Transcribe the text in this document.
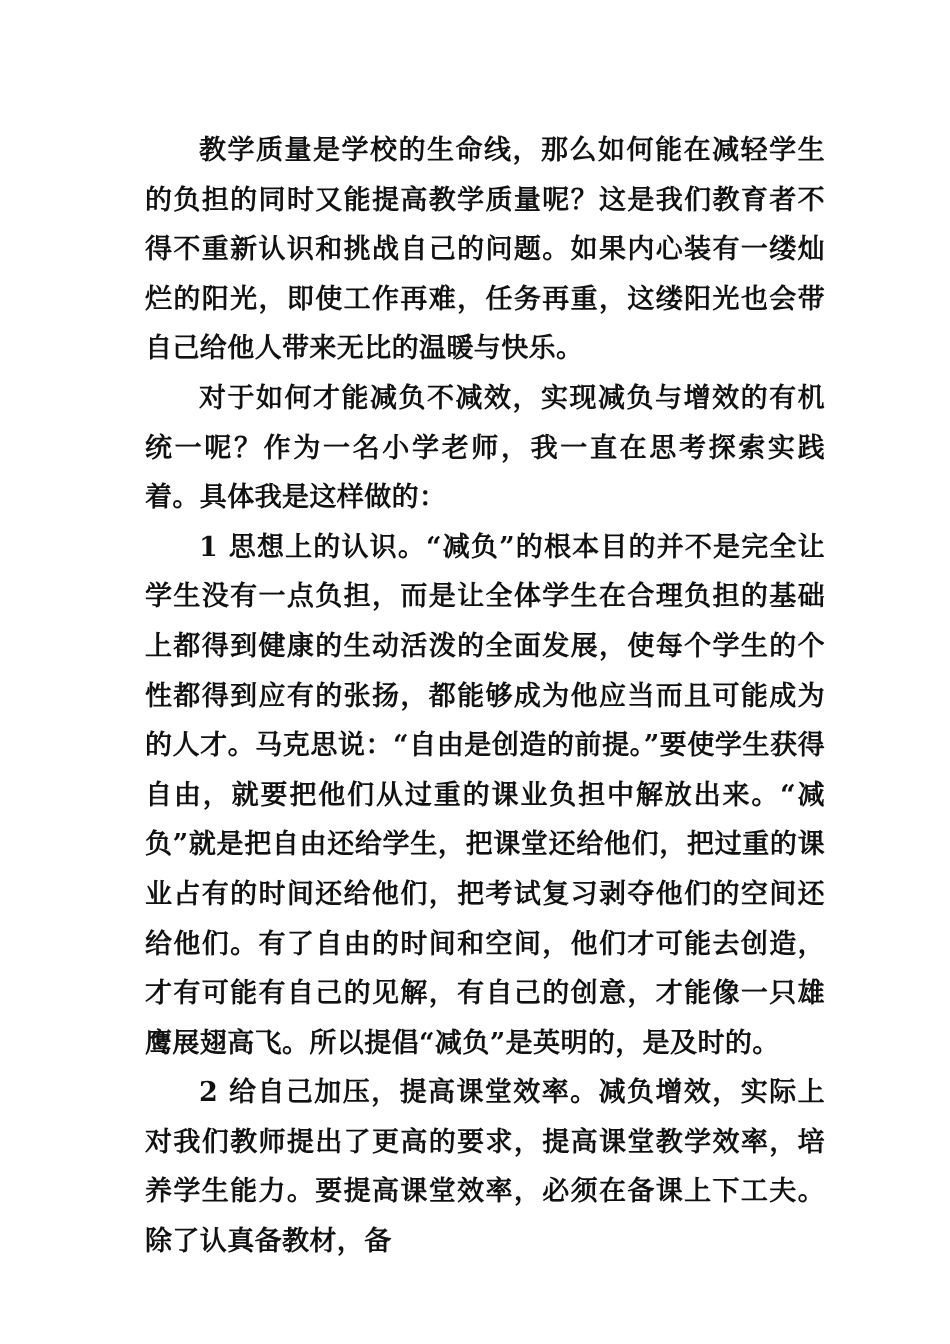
教学质量是学校的生命线，那么如何能在减轻学生的负担的同时又能提高教学质量呢？这是我们教育者不得不重新认识和挑战自己的问题。如果内心装有一缕灿烂的阳光，即使工作再难，任务再重，这缕阳光也会带自己给他人带来无比的温暖与快乐。

对于如何才能减负不减效，实现减负与增效的有机统一呢？作为一名小学老师，我一直在思考探索实践着。具体我是这样做的：

1 思想上的认识。“减负”的根本目的并不是完全让学生没有一点负担，而是让全体学生在合理负担的基础上都得到健康的生动活泼的全面发展，使每个学生的个性都得到应有的张扬，都能够成为他应当而且可能成为的人才。马克思说：“自由是创造的前提。”要使学生获得自由，就要把他们从过重的课业负担中解放出来。“减负”就是把自由还给学生，把课堂还给他们，把过重的课业占有的时间还给他们，把考试复习剥夺他们的空间还给他们。有了自由的时间和空间，他们才可能去创造，才有可能有自己的见解，有自己的创意，才能像一只雄鹰展翅高飞。所以提倡“减负”是英明的，是及时的。

2 给自己加压，提高课堂效率。减负增效，实际上对我们教师提出了更高的要求，提高课堂教学效率，培养学生能力。要提高课堂效率，必须在备课上下工夫。除了认真备教材，备
